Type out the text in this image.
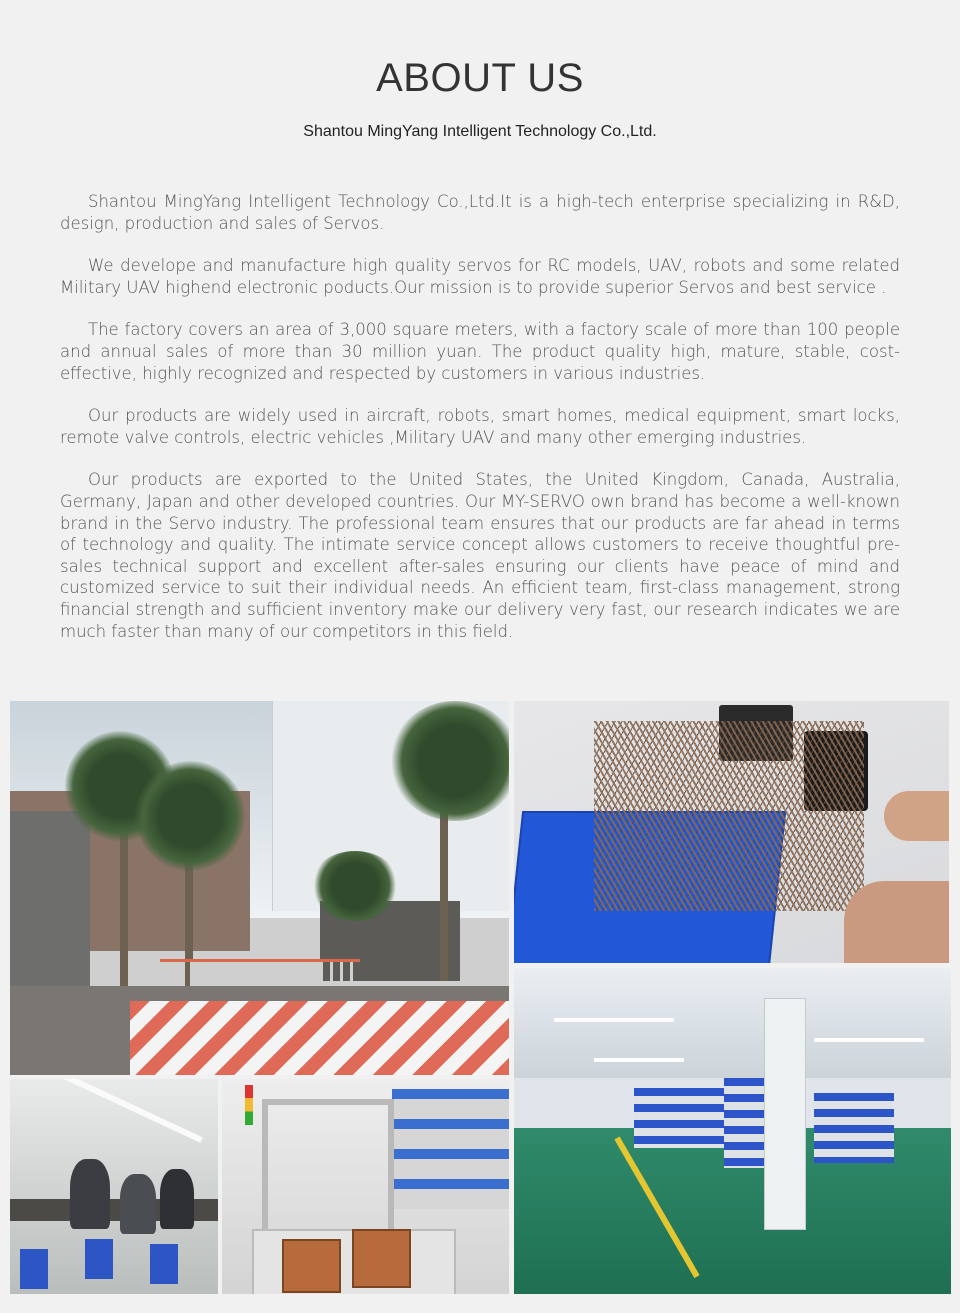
ABOUT US
Shantou MingYang Intelligent Technology Co.,Ltd.

Shantou MingYang Intelligent Technology Co.,Ltd.It is a high-tech enterprise specializing in R&D, design, production and sales of Servos.

We develope and manufacture high quality servos for RC models, UAV, robots and some related Military UAV highend electronic poducts.Our mission is to provide superior Servos and best service .

The factory covers an area of 3,000 square meters, with a factory scale of more than 100 people and annual sales of more than 30 million yuan. The product quality high, mature, stable, cost-effective, highly recognized and respected by customers in various industries.

Our products are widely used in aircraft, robots, smart homes, medical equipment, smart locks, remote valve controls, electric vehicles ,Military UAV and many other emerging industries.

Our products are exported to the United States, the United Kingdom, Canada, Australia, Germany, Japan and other developed countries. Our MY-SERVO own brand has become a well-known brand in the Servo industry. The professional team ensures that our products are far ahead in terms of technology and quality. The intimate service concept allows customers to receive thoughtful pre-sales technical support and excellent after-sales ensuring our clients have peace of mind and customized service to suit their individual needs. An efficient team, first-class management, strong financial strength and sufficient inventory make our delivery very fast, our research indicates we are much faster than many of our competitors in this field.
